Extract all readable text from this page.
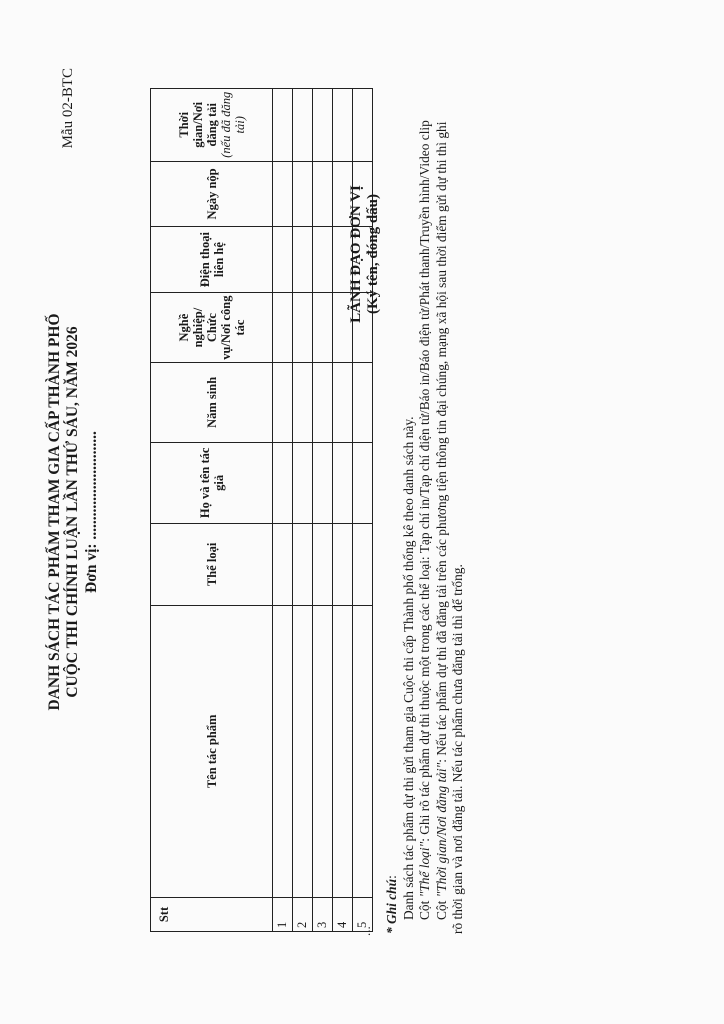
Mẫu 02-BTC
DANH SÁCH TÁC PHẨM THAM GIA CẤP THÀNH PHỐ CUỘC THI CHÍNH LUẬN LẦN THỨ SÁU, NĂM 2026 Đơn vị: ............................
Stt	Tên tác phẩm	Thể loại	Họ và tên tác giả	Năm sinh	Nghề nghiệp/ Chức vụ/Nơi công tác	Điện thoại liên hệ	Ngày nộp	Thời gian/Nơi đăng tải (nếu đã đăng tải)
1								
2								
3								
4								
5								
...
LÃNH ĐẠO ĐƠN VỊ (Ký tên, đóng dấu)

* Ghi chú: Danh sách tác phẩm dự thi gửi tham gia Cuộc thi cấp Thành phố thống kê theo danh sách này. Cột "Thể loại": Ghi rõ tác phẩm dự thi thuộc một trong các thể loại: Tạp chí in/Tạp chí điện tử/Báo in/Báo điện tử/Phát thanh/Truyền hình/Video clip

Cột "Thời gian/Nơi đăng tải": Nếu tác phẩm dự thi đã đăng tải trên các phương tiện thông tin đại chúng, mạng xã hội sau thời điểm gửi dự thi thì ghi rõ thời gian và nơi đăng tải. Nếu tác phẩm chưa đăng tải thì để trống.
